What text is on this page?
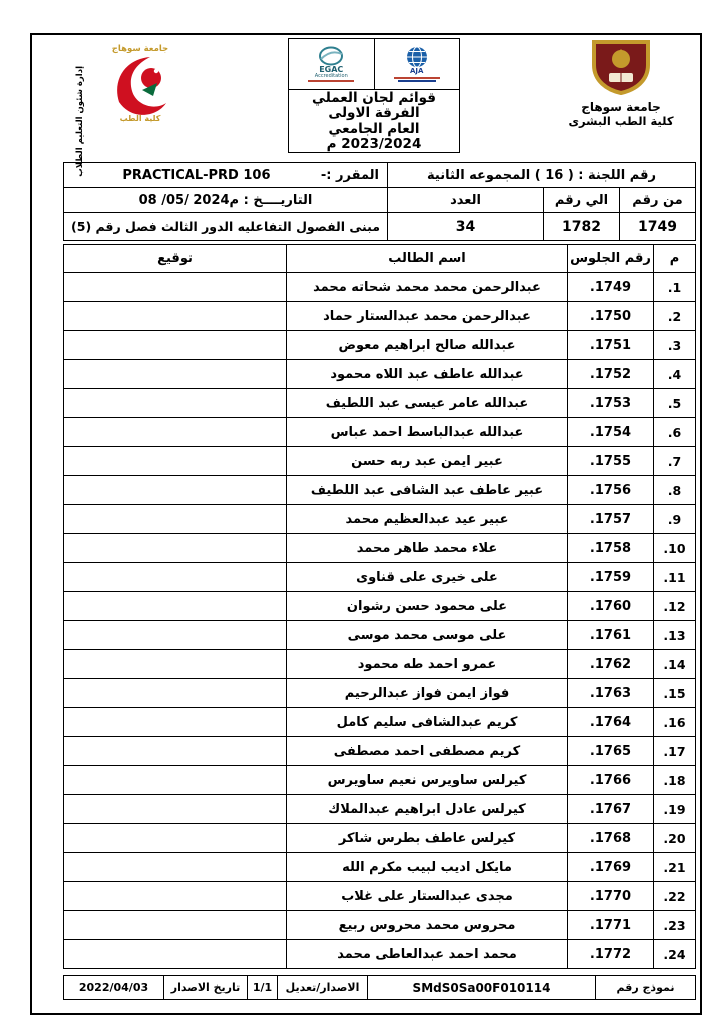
إدارة شئون التعليم الطلاب
جامعة سوهاج
كلية الطب
EGAC
Accreditation
AJA
قوائم لجان العملي
الفرقة الاولى
العام الجامعي 2023/2024 م
جامعة سوهاج
كلية الطب البشرى
رقم اللجنة : ( 16 ) المجموعه الثانية			المقرر :-
PRACTICAL-PRD 106

من رقم	الي رقم	العدد	التاريــــخ : 08 /05/ 2024م
1749	1782	34	مبنى الفصول التفاعليه الدور الثالث فصل رقم (5)
م	رقم الجلوس	اسم الطالب	توقيع
1.	1749.	عبدالرحمن محمد محمد شحاته محمد	
2.	1750.	عبدالرحمن محمد عبدالستار حماد	
3.	1751.	عبدالله صالح ابراهيم معوض	
4.	1752.	عبدالله عاطف عبد اللاه محمود	
5.	1753.	عبدالله عامر عيسى عبد اللطيف	
6.	1754.	عبدالله عبدالباسط احمد عباس	
7.	1755.	عبير ايمن عبد ربه حسن	
8.	1756.	عبير عاطف عبد الشافى عبد اللطيف	
9.	1757.	عبير عيد عبدالعظيم محمد	
10.	1758.	علاء محمد طاهر محمد	
11.	1759.	على خيرى على قناوى	
12.	1760.	على محمود حسن رشوان	
13.	1761.	على موسى محمد موسى	
14.	1762.	عمرو احمد طه محمود	
15.	1763.	فواز ايمن فواز عبدالرحيم	
16.	1764.	كريم عبدالشافى سليم كامل	
17.	1765.	كريم مصطفى احمد مصطفى	
18.	1766.	كيرلس ساويرس نعيم ساويرس	
19.	1767.	كيرلس عادل ابراهيم عبدالملاك	
20.	1768.	كيرلس عاطف بطرس شاكر	
21.	1769.	مايكل اديب لبيب مكرم الله	
22.	1770.	مجدى عبدالستار على غلاب	
23.	1771.	محروس محمد محروس ربيع	
24.	1772.	محمد احمد عبدالعاطى محمد	
نموذج رقم	SMdS0Sa00F010114	الاصدار/تعديل	1/1	تاريخ الاصدار	2022/04/03
